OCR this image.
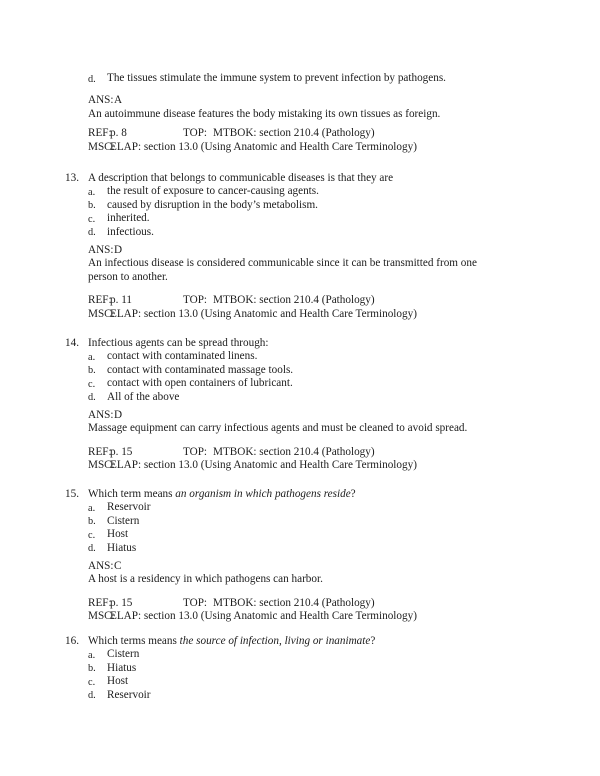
d. The tissues stimulate the immune system to prevent infection by pathogens.
ANS: A
An autoimmune disease features the body mistaking its own tissues as foreign.
REF:
p. 8	TOP: MTBOK: section 210.4 (Pathology)
MSC:
ELAP: section 13.0 (Using Anatomic and Health Care Terminology)
13. A description that belongs to communicable diseases is that they are
a. the result of exposure to cancer-causing agents.
b. caused by disruption in the body’s metabolism.
c. inherited.
d. infectious.
ANS: D
An infectious disease is considered communicable since it can be transmitted from one
person to another.
REF:
p. 11	TOP: MTBOK: section 210.4 (Pathology)
MSC:
ELAP: section 13.0 (Using Anatomic and Health Care Terminology)
14. Infectious agents can be spread through:
a. contact with contaminated linens.
b. contact with contaminated massage tools.
c. contact with open containers of lubricant.
d. All of the above
ANS: D
Massage equipment can carry infectious agents and must be cleaned to avoid spread.
REF:
p. 15	TOP: MTBOK: section 210.4 (Pathology)
MSC:
ELAP: section 13.0 (Using Anatomic and Health Care Terminology)
15. Which term means an organism in which pathogens reside?
a. Reservoir
b. Cistern
c. Host
d. Hiatus
ANS: C
A host is a residency in which pathogens can harbor.
REF:
p. 15	TOP: MTBOK: section 210.4 (Pathology)
MSC:
ELAP: section 13.0 (Using Anatomic and Health Care Terminology)
16. Which terms means the source of infection, living or inanimate?
a. Cistern
b. Hiatus
c. Host
d. Reservoir
